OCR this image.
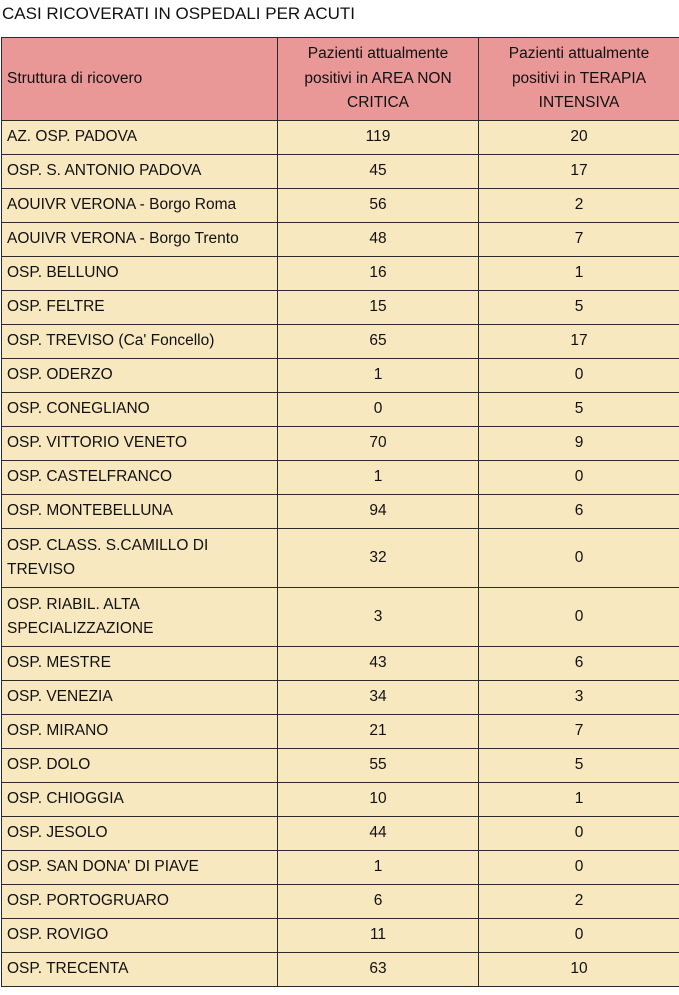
CASI RICOVERATI IN OSPEDALI PER ACUTI
Struttura di ricovero	Pazienti attualmente positivi in AREA NON CRITICA	Pazienti attualmente positivi in TERAPIA INTENSIVA
AZ. OSP. PADOVA	119	20
OSP. S. ANTONIO PADOVA	45	17
AOUIVR VERONA - Borgo Roma	56	2
AOUIVR VERONA - Borgo Trento	48	7
OSP. BELLUNO	16	1
OSP. FELTRE	15	5
OSP. TREVISO (Ca' Foncello)	65	17
OSP. ODERZO	1	0
OSP. CONEGLIANO	0	5
OSP. VITTORIO VENETO	70	9
OSP. CASTELFRANCO	1	0
OSP. MONTEBELLUNA	94	6
OSP. CLASS. S.CAMILLO DI TREVISO	32	0
OSP. RIABIL. ALTA SPECIALIZZAZIONE	3	0
OSP. MESTRE	43	6
OSP. VENEZIA	34	3
OSP. MIRANO	21	7
OSP. DOLO	55	5
OSP. CHIOGGIA	10	1
OSP. JESOLO	44	0
OSP. SAN DONA' DI PIAVE	1	0
OSP. PORTOGRUARO	6	2
OSP. ROVIGO	11	0
OSP. TRECENTA	63	10
